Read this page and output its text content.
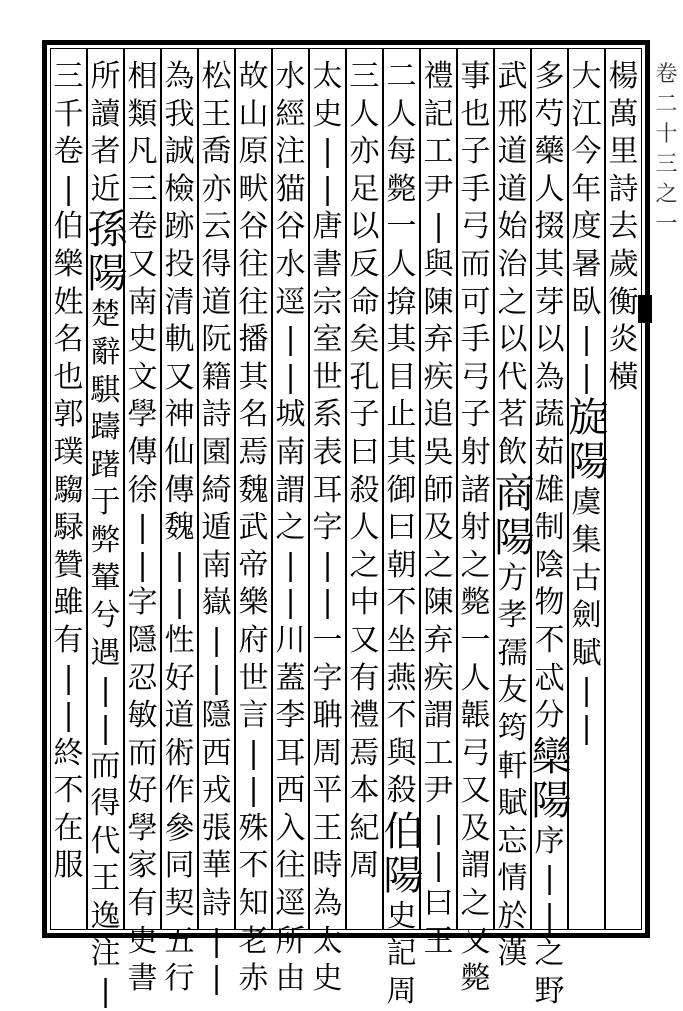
卷
二
十
三
之
一
楊
萬
里
詩
去
歲
衡
炎
橫
大
江
今
年
度
暑
臥
|
|
旋
陽
虞
集
古
劍
賦
|
|
多
芍
藥
人
掇
其
芽
以
為
蔬
茹
雄
制
陰
物
不
忒
分
欒
陽
序
|
|
之
野
武
邢
道
道
始
治
之
以
代
茗
飲
商
陽
方
孝
孺
友
筠
軒
賦
忘
情
於
漢
事
也
子
手
弓
而
可
手
弓
子
射
諸
射
之
斃
一
人
韔
弓
又
及
謂
之
又
斃
禮
記
工
尹
|
與
陳
弃
疾
追
吳
師
及
之
陳
弃
疾
謂
工
尹
|
|
曰
王
二
人
每
斃
一
人
揜
其
目
止
其
御
曰
朝
不
坐
燕
不
與
殺
伯
陽
史
記
周
三
人
亦
足
以
反
命
矣
孔
子
曰
殺
人
之
中
又
有
禮
焉
本
紀
周
太
史
|
|
唐
書
宗
室
世
系
表
耳
字
|
|
一
字
聃
周
平
王
時
為
太
史
水
經
注
猫
谷
水
逕
|
|
城
南
謂
之
|
|
川
蓋
李
耳
西
入
往
逕
所
由
故
山
原
畎
谷
往
往
播
其
名
焉
魏
武
帝
樂
府
世
言
|
|
殊
不
知
老
赤
松
王
喬
亦
云
得
道
阮
籍
詩
園
綺
遁
南
嶽
|
|
隱
西
戎
張
華
詩
|
|
為
我
誠
檢
跡
投
清
軌
又
神
仙
傳
魏
|
|
性
好
道
術
作
參
同
契
五
行
相
類
凡
三
卷
又
南
史
文
學
傳
徐
|
|
字
隱
忍
敏
而
好
學
家
有
史
書
所
讀
者
近
孫
陽
楚
辭
騏
躊
躇
于
弊
輦
兮
遇
|
|
而
得
代
王
逸
注
|
三
千
卷
|
伯
樂
姓
名
也
郭
璞
騶
騄
贊
雖
有
|
|
終
不
在
服
